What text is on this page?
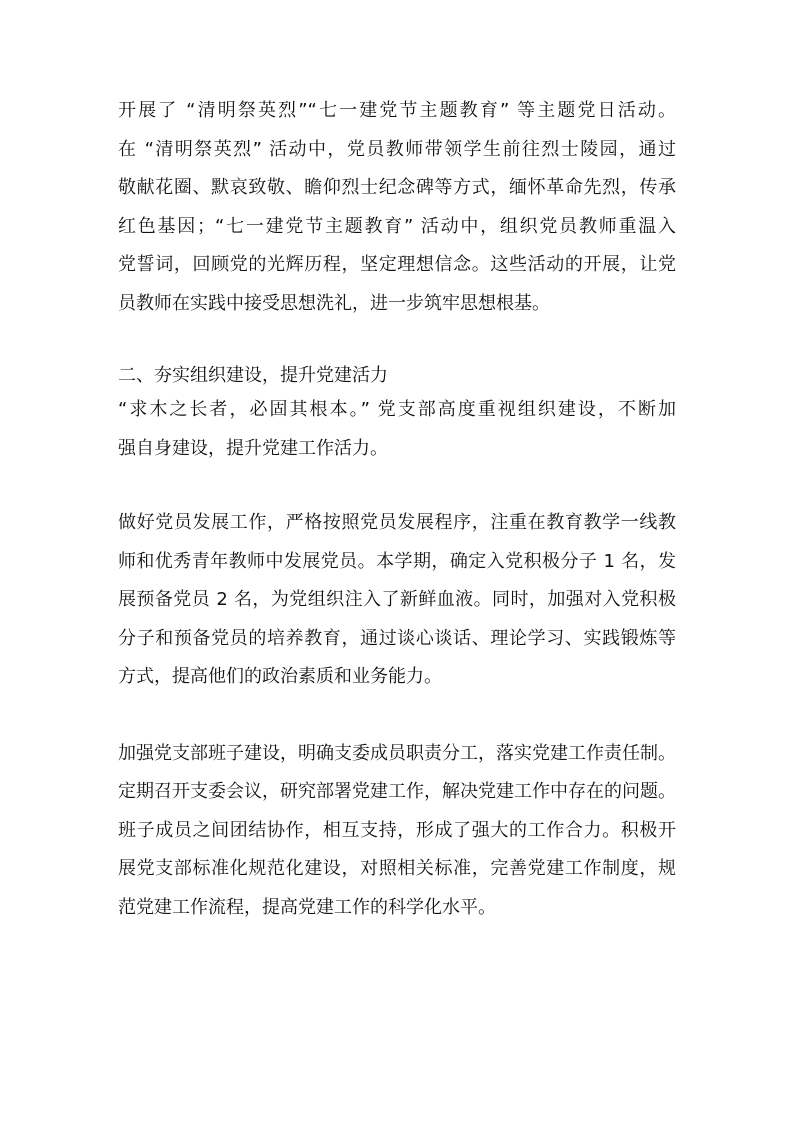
开展了 “清明祭英烈”“七一建党节主题教育” 等主题党日活动。
在 “清明祭英烈” 活动中，党员教师带领学生前往烈士陵园，通过
敬献花圈、默哀致敬、瞻仰烈士纪念碑等方式，缅怀革命先烈，传承
红色基因；“七一建党节主题教育” 活动中，组织党员教师重温入
党誓词，回顾党的光辉历程，坚定理想信念。这些活动的开展，让党
员教师在实践中接受思想洗礼，进一步筑牢思想根基。
二、夯实组织建设，提升党建活力
“求木之长者，必固其根本。” 党支部高度重视组织建设，不断加
强自身建设，提升党建工作活力。
做好党员发展工作，严格按照党员发展程序，注重在教育教学一线教
师和优秀青年教师中发展党员。本学期，确定入党积极分子 1 名，发
展预备党员 2 名，为党组织注入了新鲜血液。同时，加强对入党积极
分子和预备党员的培养教育，通过谈心谈话、理论学习、实践锻炼等
方式，提高他们的政治素质和业务能力。
加强党支部班子建设，明确支委成员职责分工，落实党建工作责任制。
定期召开支委会议，研究部署党建工作，解决党建工作中存在的问题。
班子成员之间团结协作，相互支持，形成了强大的工作合力。积极开
展党支部标准化规范化建设，对照相关标准，完善党建工作制度，规
范党建工作流程，提高党建工作的科学化水平。
